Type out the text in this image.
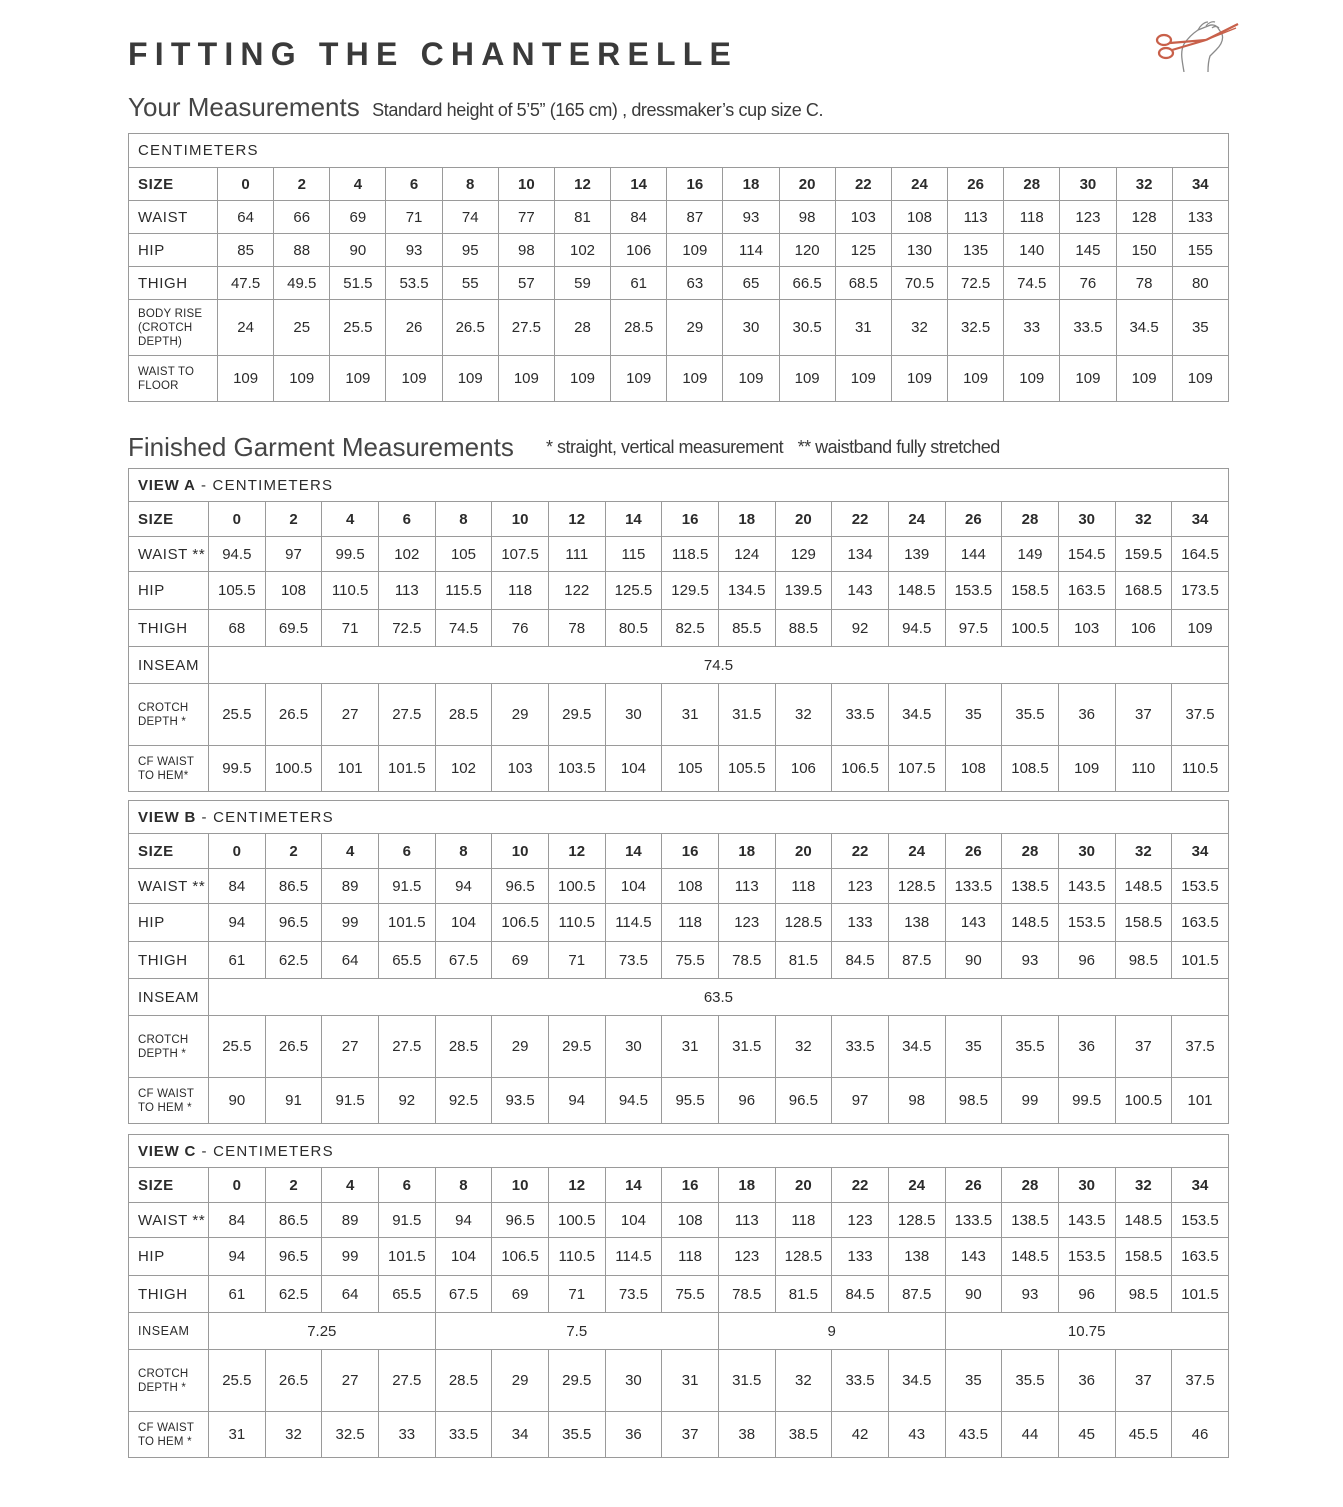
FITTING THE CHANTERELLE
Your Measurements Standard height of 5’5” (165 cm) , dressmaker’s cup size C.
CENTIMETERS																		
SIZE	0	2	4	6	8	10	12	14	16	18	20	22	24	26	28	30	32	34
WAIST	64	66	69	71	74	77	81	84	87	93	98	103	108	113	118	123	128	133
HIP	85	88	90	93	95	98	102	106	109	114	120	125	130	135	140	145	150	155
THIGH	47.5	49.5	51.5	53.5	55	57	59	61	63	65	66.5	68.5	70.5	72.5	74.5	76	78	80
BODY RISE
(CROTCH
DEPTH)	24	25	25.5	26	26.5	27.5	28	28.5	29	30	30.5	31	32	32.5	33	33.5	34.5	35
WAIST TO
FLOOR	109	109	109	109	109	109	109	109	109	109	109	109	109	109	109	109	109	109
Finished Garment Measurements * straight, vertical measurement ** waistband fully stretched
VIEW A - CENTIMETERS																		
SIZE	0	2	4	6	8	10	12	14	16	18	20	22	24	26	28	30	32	34
WAIST **	94.5	97	99.5	102	105	107.5	111	115	118.5	124	129	134	139	144	149	154.5	159.5	164.5
HIP	105.5	108	110.5	113	115.5	118	122	125.5	129.5	134.5	139.5	143	148.5	153.5	158.5	163.5	168.5	173.5
THIGH	68	69.5	71	72.5	74.5	76	78	80.5	82.5	85.5	88.5	92	94.5	97.5	100.5	103	106	109
INSEAM	74.5																	
CROTCH
DEPTH *	25.5	26.5	27	27.5	28.5	29	29.5	30	31	31.5	32	33.5	34.5	35	35.5	36	37	37.5
CF WAIST
TO HEM*	99.5	100.5	101	101.5	102	103	103.5	104	105	105.5	106	106.5	107.5	108	108.5	109	110	110.5
VIEW B - CENTIMETERS																		
SIZE	0	2	4	6	8	10	12	14	16	18	20	22	24	26	28	30	32	34
WAIST **	84	86.5	89	91.5	94	96.5	100.5	104	108	113	118	123	128.5	133.5	138.5	143.5	148.5	153.5
HIP	94	96.5	99	101.5	104	106.5	110.5	114.5	118	123	128.5	133	138	143	148.5	153.5	158.5	163.5
THIGH	61	62.5	64	65.5	67.5	69	71	73.5	75.5	78.5	81.5	84.5	87.5	90	93	96	98.5	101.5
INSEAM	63.5																	
CROTCH
DEPTH *	25.5	26.5	27	27.5	28.5	29	29.5	30	31	31.5	32	33.5	34.5	35	35.5	36	37	37.5
CF WAIST
TO HEM *	90	91	91.5	92	92.5	93.5	94	94.5	95.5	96	96.5	97	98	98.5	99	99.5	100.5	101
VIEW C - CENTIMETERS																		
SIZE	0	2	4	6	8	10	12	14	16	18	20	22	24	26	28	30	32	34
WAIST **	84	86.5	89	91.5	94	96.5	100.5	104	108	113	118	123	128.5	133.5	138.5	143.5	148.5	153.5
HIP	94	96.5	99	101.5	104	106.5	110.5	114.5	118	123	128.5	133	138	143	148.5	153.5	158.5	163.5
THIGH	61	62.5	64	65.5	67.5	69	71	73.5	75.5	78.5	81.5	84.5	87.5	90	93	96	98.5	101.5
INSEAM	7.25				7.5					9				10.75				
CROTCH
DEPTH *	25.5	26.5	27	27.5	28.5	29	29.5	30	31	31.5	32	33.5	34.5	35	35.5	36	37	37.5
CF WAIST
TO HEM *	31	32	32.5	33	33.5	34	35.5	36	37	38	38.5	42	43	43.5	44	45	45.5	46
